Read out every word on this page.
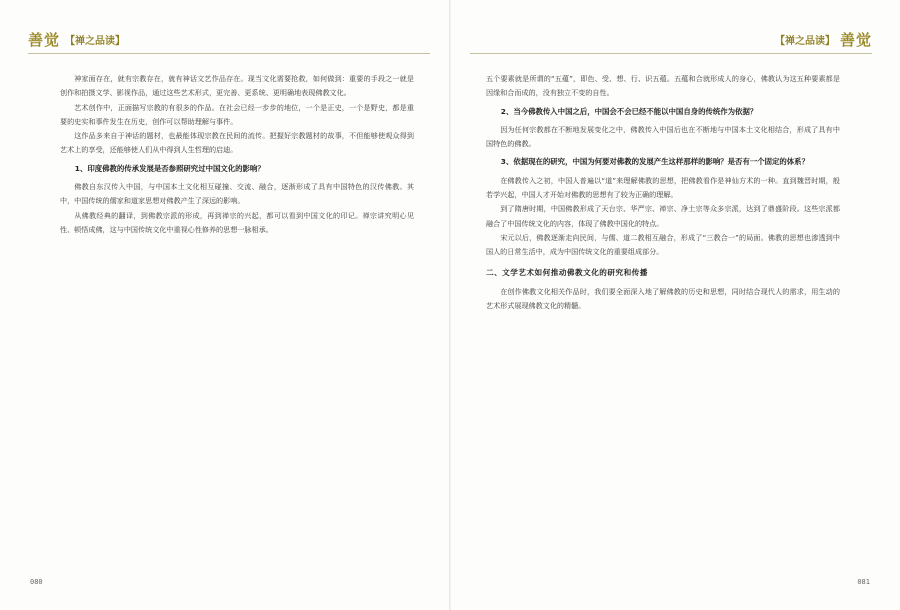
善觉 【禅之品读】

神家面存在，就有宗教存在，就有神话文艺作品存在。现当文化需要抢救，如何做到：重要的手段之一就是创作和拍摄文学、影视作品，通过这些艺术形式，更完善、更系统、更明确地表现佛教文化。

艺术创作中，正面描写宗教的有很多的作品。在社会已经一步步的地位，一个是正史，一个是野史，都是重要的史实和事件发生在历史，创作可以帮助理解与事件。

这作品多来自于神话的题材，也最能体现宗教在民间的流传。把握好宗教题材的故事，不但能够使观众得到艺术上的享受，还能够使人们从中得到人生哲理的启迪。

1、印度佛教的传承发展是否参照研究过中国文化的影响？

佛教自东汉传入中国，与中国本土文化相互碰撞、交流、融合，逐渐形成了具有中国特色的汉传佛教。其中，中国传统的儒家和道家思想对佛教产生了深远的影响。

从佛教经典的翻译，到佛教宗派的形成，再到禅宗的兴起，都可以看到中国文化的印记。禅宗讲究明心见性、顿悟成佛，这与中国传统文化中重视心性修养的思想一脉相承。

080
【禅之品读】 善觉

五个要素就是所谓的“五蕴”，即色、受、想、行、识五蕴。五蕴和合就形成人的身心，佛教认为这五种要素都是因缘和合而成的，没有独立不变的自性。

2、当今佛教传入中国之后，中国会不会已经不能以中国自身的传统作为依据？

因为任何宗教都在不断地发展变化之中，佛教传入中国后也在不断地与中国本土文化相结合，形成了具有中国特色的佛教。

3、依据现在的研究，中国为何要对佛教的发展产生这样那样的影响？是否有一个固定的体系？

在佛教传入之初，中国人普遍以“道”来理解佛教的思想，把佛教看作是神仙方术的一种。直到魏晋时期，般若学兴起，中国人才开始对佛教的思想有了较为正确的理解。

到了隋唐时期，中国佛教形成了天台宗、华严宗、禅宗、净土宗等众多宗派，达到了鼎盛阶段。这些宗派都融合了中国传统文化的内容，体现了佛教中国化的特点。

宋元以后，佛教逐渐走向民间，与儒、道二教相互融合，形成了“三教合一”的局面。佛教的思想也渗透到中国人的日常生活中，成为中国传统文化的重要组成部分。

二、文学艺术如何推动佛教文化的研究和传播

在创作佛教文化相关作品时，我们要全面深入地了解佛教的历史和思想，同时结合现代人的需求，用生动的艺术形式展现佛教文化的精髓。

081
